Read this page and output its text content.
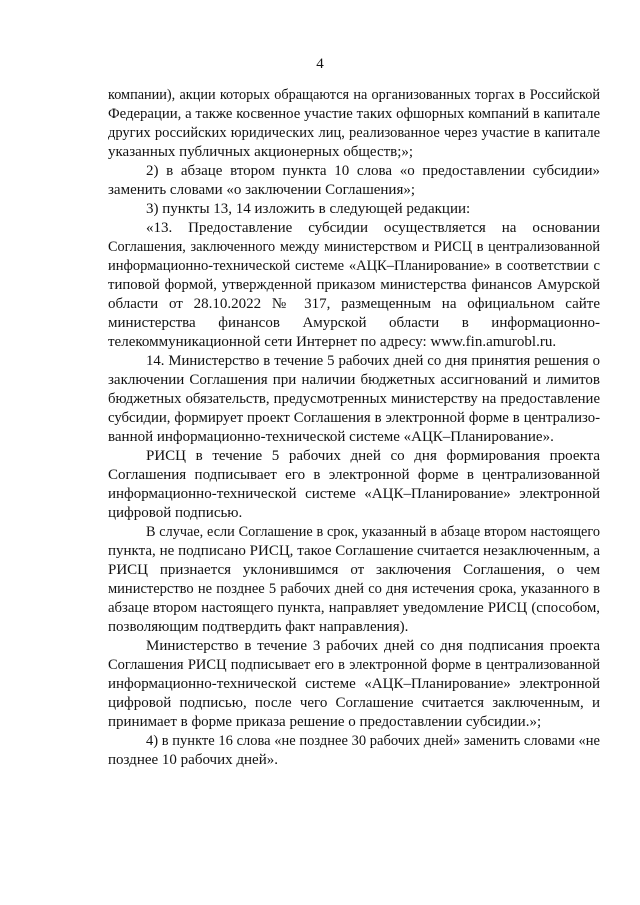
4
компании), акции которых обращаются на организованных торгах в Российской
Федерации, а также косвенное участие таких офшорных компаний в капитале
других российских юридических лиц, реализованное через участие в капитале
указанных публичных акционерных обществ;»;
2) в абзаце втором пункта 10 слова «о предоставлении субсидии»
заменить словами «о заключении Соглашения»;
3) пункты 13, 14 изложить в следующей редакции:
«13. Предоставление субсидии осуществляется на основании
Соглашения, заключенного между министерством и РИСЦ в централизованной
информационно-технической системе «АЦК–Планирование» в соответствии с
типовой формой, утвержденной приказом министерства финансов Амурской
области от 28.10.2022 № 317, размещенным на официальном сайте
министерства финансов Амурской области в информационно-
телекоммуникационной сети Интернет по адресу: www.fin.amurobl.ru.
14. Министерство в течение 5 рабочих дней со дня принятия решения о
заключении Соглашения при наличии бюджетных ассигнований и лимитов
бюджетных обязательств, предусмотренных министерству на предоставление
субсидии, формирует проект Соглашения в электронной форме в централизо-
ванной информационно-технической системе «АЦК–Планирование».
РИСЦ в течение 5 рабочих дней со дня формирования проекта
Соглашения подписывает его в электронной форме в централизованной
информационно-технической системе «АЦК–Планирование» электронной
цифровой подписью.
В случае, если Соглашение в срок, указанный в абзаце втором настоящего
пункта, не подписано РИСЦ, такое Соглашение считается незаключенным, а
РИСЦ признается уклонившимся от заключения Соглашения, о чем
министерство не позднее 5 рабочих дней со дня истечения срока, указанного в
абзаце втором настоящего пункта, направляет уведомление РИСЦ (способом,
позволяющим подтвердить факт направления).
Министерство в течение 3 рабочих дней со дня подписания проекта
Соглашения РИСЦ подписывает его в электронной форме в централизованной
информационно-технической системе «АЦК–Планирование» электронной
цифровой подписью, после чего Соглашение считается заключенным, и
принимает в форме приказа решение о предоставлении субсидии.»;
4) в пункте 16 слова «не позднее 30 рабочих дней» заменить словами «не
позднее 10 рабочих дней».
